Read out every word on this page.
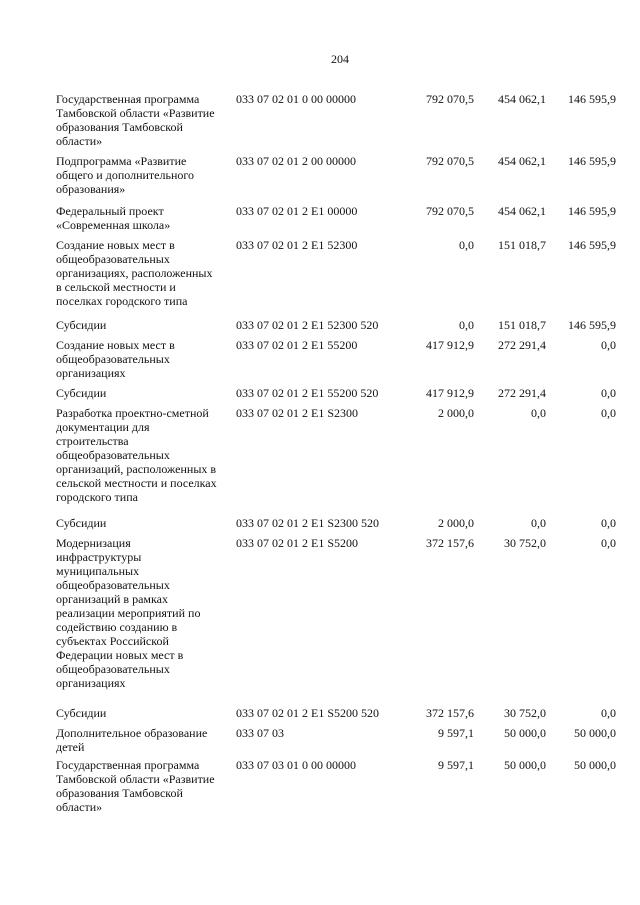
204
Государственная программа
Тамбовской области «Развитие
образования Тамбовской
области»
033 07 02 01 0 00 00000	792 070,5	454 062,1	146 595,9
Подпрограмма «Развитие
общего и дополнительного
образования»
033 07 02 01 2 00 00000	792 070,5	454 062,1	146 595,9
Федеральный проект
«Современная школа»
033 07 02 01 2 E1 00000	792 070,5	454 062,1	146 595,9
Создание новых мест в
общеобразовательных
организациях, расположенных
в сельской местности и
поселках городского типа
033 07 02 01 2 E1 52300	0,0	151 018,7	146 595,9
Субсидии	033 07 02 01 2 E1 52300 520	0,0	151 018,7	146 595,9
Создание новых мест в
общеобразовательных
организациях
033 07 02 01 2 E1 55200	417 912,9	272 291,4	0,0
Субсидии	033 07 02 01 2 E1 55200 520	417 912,9	272 291,4	0,0
Разработка проектно-сметной
документации для
строительства
общеобразовательных
организаций, расположенных в
сельской местности и поселках
городского типа
033 07 02 01 2 E1 S2300	2 000,0	0,0	0,0
Субсидии	033 07 02 01 2 E1 S2300 520	2 000,0	0,0	0,0
Модернизация
инфраструктуры
муниципальных
общеобразовательных
организаций в рамках
реализации мероприятий по
содействию созданию в
субъектах Российской
Федерации новых мест в
общеобразовательных
организациях
033 07 02 01 2 E1 S5200	372 157,6	30 752,0	0,0
Субсидии	033 07 02 01 2 E1 S5200 520	372 157,6	30 752,0	0,0
Дополнительное образование
детей
033 07 03	9 597,1	50 000,0	50 000,0
Государственная программа
Тамбовской области «Развитие
образования Тамбовской
области»
033 07 03 01 0 00 00000	9 597,1	50 000,0	50 000,0
